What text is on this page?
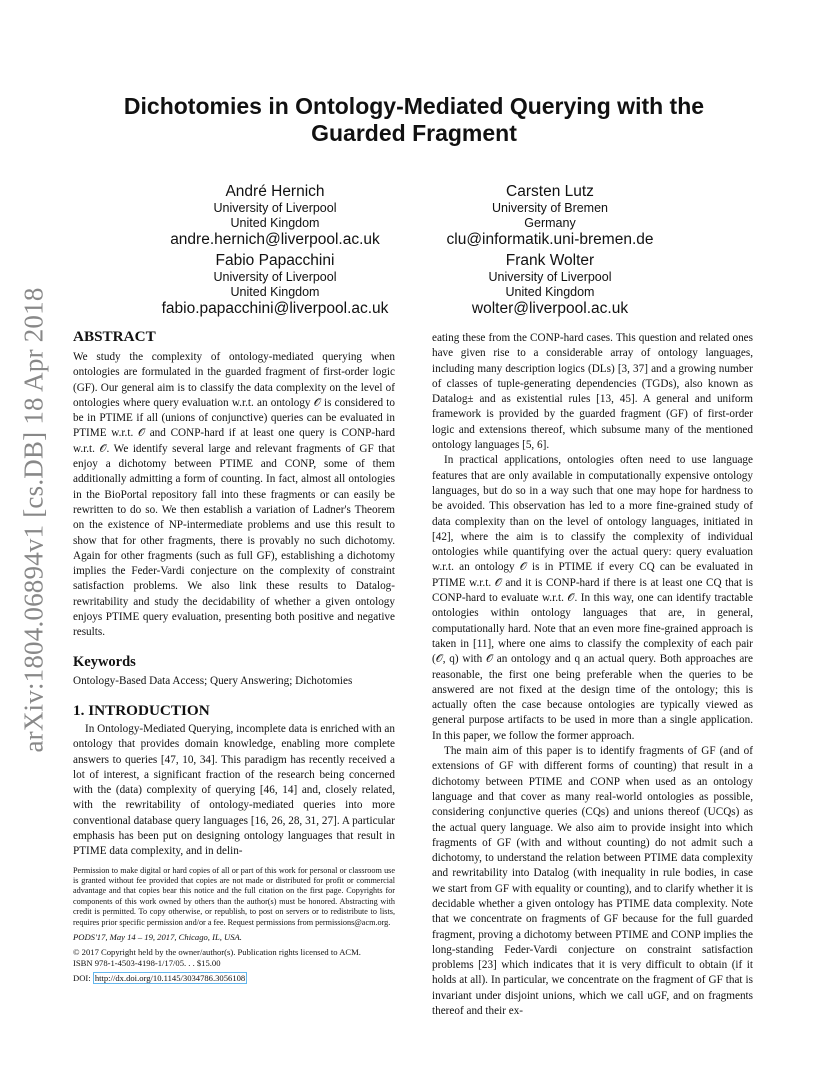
arXiv:1804.06894v1 [cs.DB] 18 Apr 2018
Dichotomies in Ontology-Mediated Querying with the Guarded Fragment
André Hernich
University of Liverpool
United Kingdom
andre.hernich@liverpool.ac.uk
Carsten Lutz
University of Bremen
Germany
clu@informatik.uni-bremen.de
Fabio Papacchini
University of Liverpool
United Kingdom
fabio.papacchini@liverpool.ac.uk
Frank Wolter
University of Liverpool
United Kingdom
wolter@liverpool.ac.uk
ABSTRACT

We study the complexity of ontology-mediated querying when ontologies are formulated in the guarded fragment of first-order logic (GF). Our general aim is to classify the data complexity on the level of ontologies where query evaluation w.r.t. an ontology 𝒪 is considered to be in PTIME if all (unions of conjunctive) queries can be evaluated in PTIME w.r.t. 𝒪 and CONP-hard if at least one query is CONP-hard w.r.t. 𝒪. We identify several large and relevant fragments of GF that enjoy a dichotomy between PTIME and CONP, some of them additionally admitting a form of counting. In fact, almost all ontologies in the BioPortal repository fall into these fragments or can easily be rewritten to do so. We then establish a variation of Ladner's Theorem on the existence of NP-intermediate problems and use this result to show that for other fragments, there is provably no such dichotomy. Again for other fragments (such as full GF), establishing a dichotomy implies the Feder-Vardi conjecture on the complexity of constraint satisfaction problems. We also link these results to Datalog-rewritability and study the decidability of whether a given ontology enjoys PTIME query evaluation, presenting both positive and negative results.

Keywords

Ontology-Based Data Access; Query Answering; Dichotomies

1. INTRODUCTION

In Ontology-Mediated Querying, incomplete data is enriched with an ontology that provides domain knowledge, enabling more complete answers to queries [47, 10, 34]. This paradigm has recently received a lot of interest, a significant fraction of the research being concerned with the (data) complexity of querying [46, 14] and, closely related, with the rewritability of ontology-mediated queries into more conventional database query languages [16, 26, 28, 31, 27]. A particular emphasis has been put on designing ontology languages that result in PTIME data complexity, and in delin-

Permission to make digital or hard copies of all or part of this work for personal or classroom use is granted without fee provided that copies are not made or distributed for profit or commercial advantage and that copies bear this notice and the full citation on the first page. Copyrights for components of this work owned by others than the author(s) must be honored. Abstracting with credit is permitted. To copy otherwise, or republish, to post on servers or to redistribute to lists, requires prior specific permission and/or a fee. Request permissions from permissions@acm.org.

PODS'17, May 14 – 19, 2017, Chicago, IL, USA.

© 2017 Copyright held by the owner/author(s). Publication rights licensed to ACM.

ISBN 978-1-4503-4198-1/17/05. . . $15.00

DOI: http://dx.doi.org/10.1145/3034786.3056108

eating these from the CONP-hard cases. This question and related ones have given rise to a considerable array of ontology languages, including many description logics (DLs) [3, 37] and a growing number of classes of tuple-generating dependencies (TGDs), also known as Datalog± and as existential rules [13, 45]. A general and uniform framework is provided by the guarded fragment (GF) of first-order logic and extensions thereof, which subsume many of the mentioned ontology languages [5, 6].

In practical applications, ontologies often need to use language features that are only available in computationally expensive ontology languages, but do so in a way such that one may hope for hardness to be avoided. This observation has led to a more fine-grained study of data complexity than on the level of ontology languages, initiated in [42], where the aim is to classify the complexity of individual ontologies while quantifying over the actual query: query evaluation w.r.t. an ontology 𝒪 is in PTIME if every CQ can be evaluated in PTIME w.r.t. 𝒪 and it is CONP-hard if there is at least one CQ that is CONP-hard to evaluate w.r.t. 𝒪. In this way, one can identify tractable ontologies within ontology languages that are, in general, computationally hard. Note that an even more fine-grained approach is taken in [11], where one aims to classify the complexity of each pair (𝒪, q) with 𝒪 an ontology and q an actual query. Both approaches are reasonable, the first one being preferable when the queries to be answered are not fixed at the design time of the ontology; this is actually often the case because ontologies are typically viewed as general purpose artifacts to be used in more than a single application. In this paper, we follow the former approach.

The main aim of this paper is to identify fragments of GF (and of extensions of GF with different forms of counting) that result in a dichotomy between PTIME and CONP when used as an ontology language and that cover as many real-world ontologies as possible, considering conjunctive queries (CQs) and unions thereof (UCQs) as the actual query language. We also aim to provide insight into which fragments of GF (with and without counting) do not admit such a dichotomy, to understand the relation between PTIME data complexity and rewritability into Datalog (with inequality in rule bodies, in case we start from GF with equality or counting), and to clarify whether it is decidable whether a given ontology has PTIME data complexity. Note that we concentrate on fragments of GF because for the full guarded fragment, proving a dichotomy between PTIME and CONP implies the long-standing Feder-Vardi conjecture on constraint satisfaction problems [23] which indicates that it is very difficult to obtain (if it holds at all). In particular, we concentrate on the fragment of GF that is invariant under disjoint unions, which we call uGF, and on fragments thereof and their ex-
